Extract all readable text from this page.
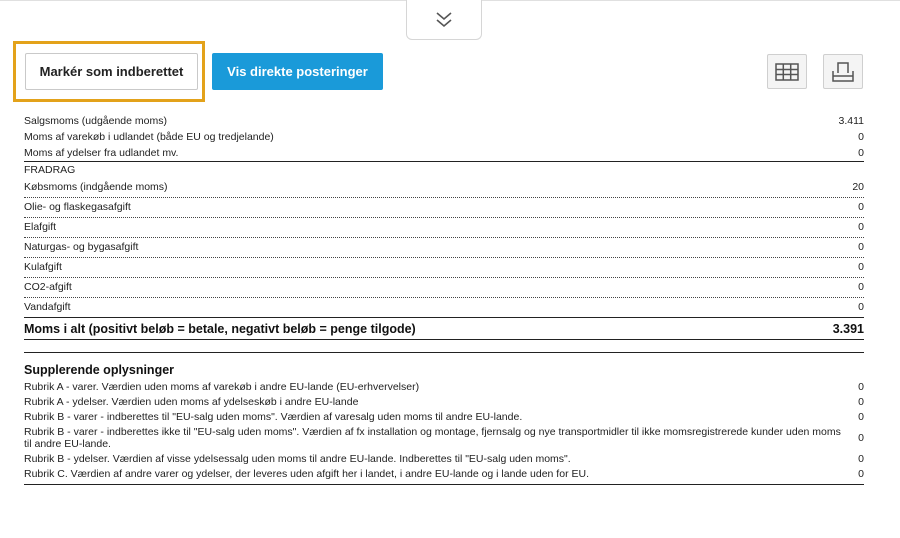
Markér som indberettet	Vis direkte posteringer
Salgsmoms (udgående moms)	3.411
Moms af varekøb i udlandet (både EU og tredjelande)	0
Moms af ydelser fra udlandet mv.	0
FRADRAG
Købsmoms (indgående moms)	20
Olie- og flaskegasafgift	0
Elafgift	0
Naturgas- og bygasafgift	0
Kulafgift	0
CO2-afgift	0
Vandafgift	0
Moms i alt (positivt beløb = betale, negativt beløb = penge tilgode)	3.391
Supplerende oplysninger
Rubrik A - varer. Værdien uden moms af varekøb i andre EU-lande (EU-erhvervelser)	0
Rubrik A - ydelser. Værdien uden moms af ydelseskøb i andre EU-lande	0
Rubrik B - varer - indberettes til "EU-salg uden moms". Værdien af varesalg uden moms til andre EU-lande.	0
Rubrik B - varer - indberettes ikke til "EU-salg uden moms". Værdien af fx installation og montage, fjernsalg og nye transportmidler til ikke momsregistrerede kunder uden moms til andre EU-lande.	0
Rubrik B - ydelser. Værdien af visse ydelsessalg uden moms til andre EU-lande. Indberettes til "EU-salg uden moms".	0
Rubrik C. Værdien af andre varer og ydelser, der leveres uden afgift her i landet, i andre EU-lande og i lande uden for EU.	0
